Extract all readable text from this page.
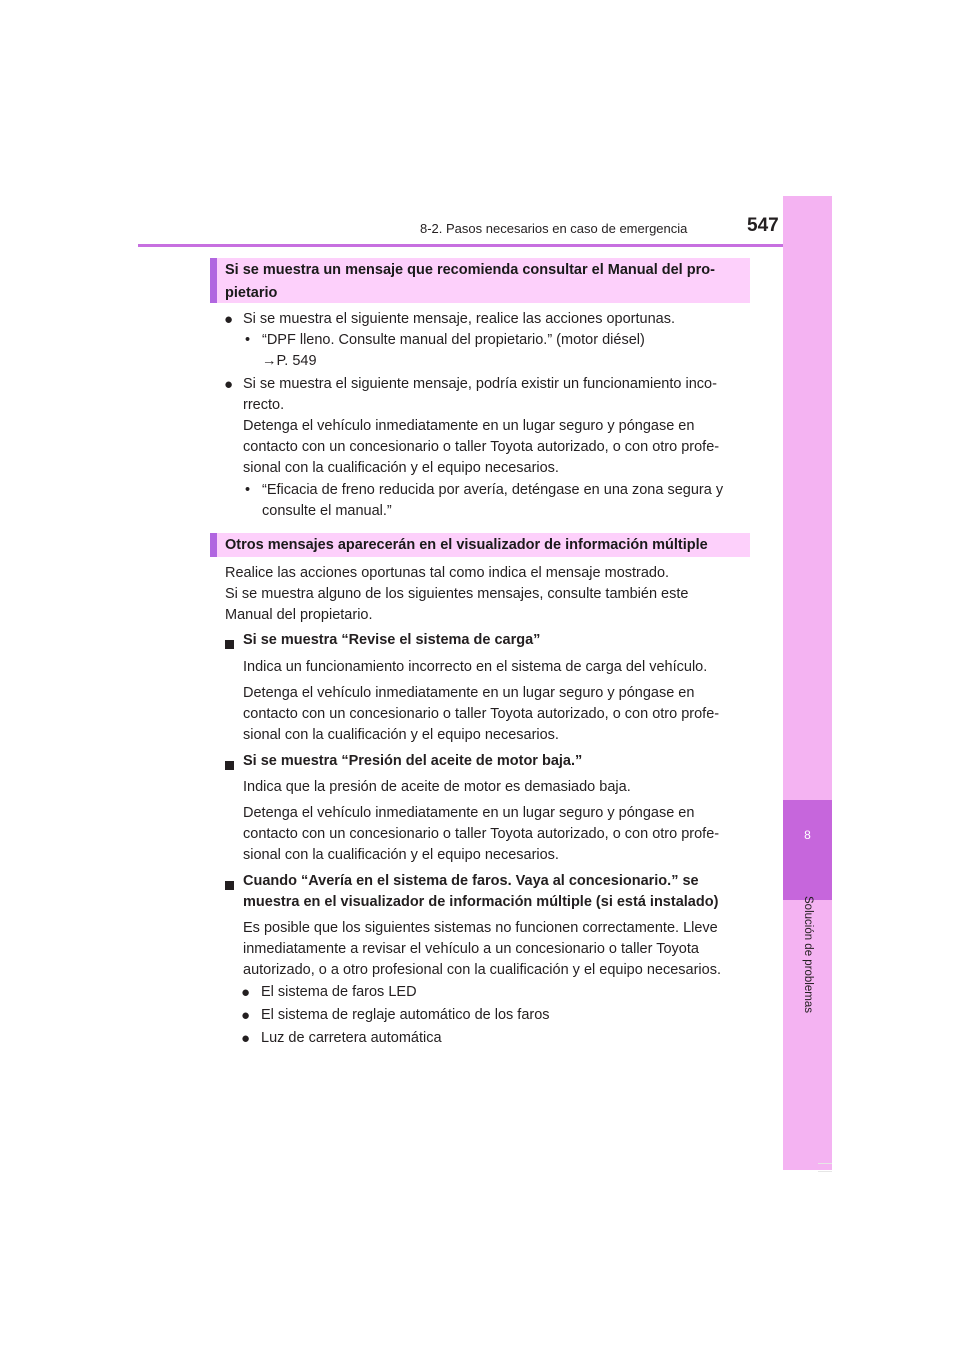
8-2. Pasos necesarios en caso de emergencia	547
8
Solución de problemas
Si se muestra un mensaje que recomienda consultar el Manual del pro-
pietario
● Si se muestra el siguiente mensaje, realice las acciones oportunas.
• “DPF lleno. Consulte manual del propietario.” (motor diésel)
→P. 549
● Si se muestra el siguiente mensaje, podría existir un funcionamiento inco-
rrecto.
Detenga el vehículo inmediatamente en un lugar seguro y póngase en
contacto con un concesionario o taller Toyota autorizado, o con otro profe-
sional con la cualificación y el equipo necesarios.
• “Eficacia de freno reducida por avería, deténgase en una zona segura y
consulte el manual.”
Otros mensajes aparecerán en el visualizador de información múltiple
Realice las acciones oportunas tal como indica el mensaje mostrado.
Si se muestra alguno de los siguientes mensajes, consulte también este
Manual del propietario.
Si se muestra “Revise el sistema de carga”
Indica un funcionamiento incorrecto en el sistema de carga del vehículo.
Detenga el vehículo inmediatamente en un lugar seguro y póngase en
contacto con un concesionario o taller Toyota autorizado, o con otro profe-
sional con la cualificación y el equipo necesarios.
Si se muestra “Presión del aceite de motor baja.”
Indica que la presión de aceite de motor es demasiado baja.
Detenga el vehículo inmediatamente en un lugar seguro y póngase en
contacto con un concesionario o taller Toyota autorizado, o con otro profe-
sional con la cualificación y el equipo necesarios.
Cuando “Avería en el sistema de faros. Vaya al concesionario.” se
muestra en el visualizador de información múltiple (si está instalado)
Es posible que los siguientes sistemas no funcionen correctamente. Lleve
inmediatamente a revisar el vehículo a un concesionario o taller Toyota
autorizado, o a otro profesional con la cualificación y el equipo necesarios.
● El sistema de faros LED
● El sistema de reglaje automático de los faros
● Luz de carretera automática
